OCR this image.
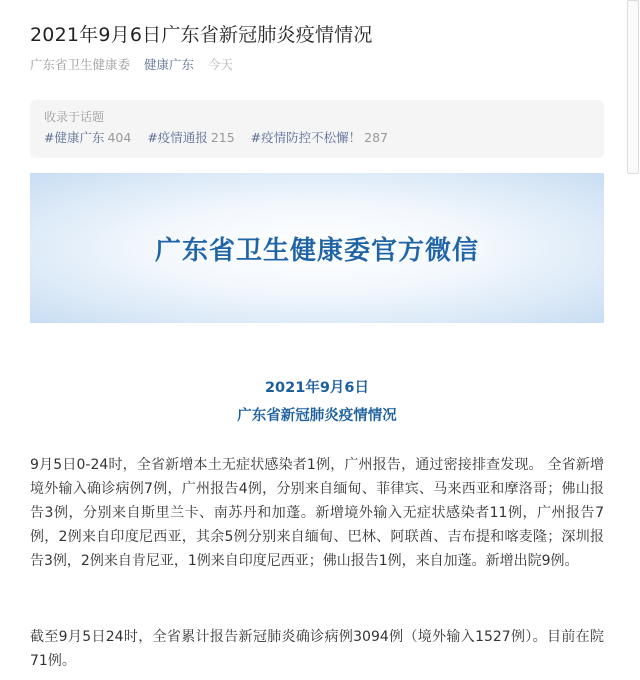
2021年9月6日广东省新冠肺炎疫情情况
广东省卫生健康委 健康广东 今天
收录于话题
#健康广东 404 #疫情通报 215 #疫情防控不松懈！ 287
广东省卫生健康委官方微信
2021年9月6日
广东省新冠肺炎疫情情况

9月5日0-24时，全省新增本土无症状感染者1例，广州报告，通过密接排查发现。 全省新增境外输入确诊病例7例，广州报告4例，分别来自缅甸、菲律宾、马来西亚和摩洛哥；佛山报告3例，分别来自斯里兰卡、南苏丹和加蓬。新增境外输入无症状感染者11例，广州报告7例，2例来自印度尼西亚，其余5例分别来自缅甸、巴林、阿联酋、吉布提和喀麦隆；深圳报告3例，2例来自肯尼亚，1例来自印度尼西亚；佛山报告1例，来自加蓬。新增出院9例。

截至9月5日24时，全省累计报告新冠肺炎确诊病例3094例（境外输入1527例）。目前在院71例。
